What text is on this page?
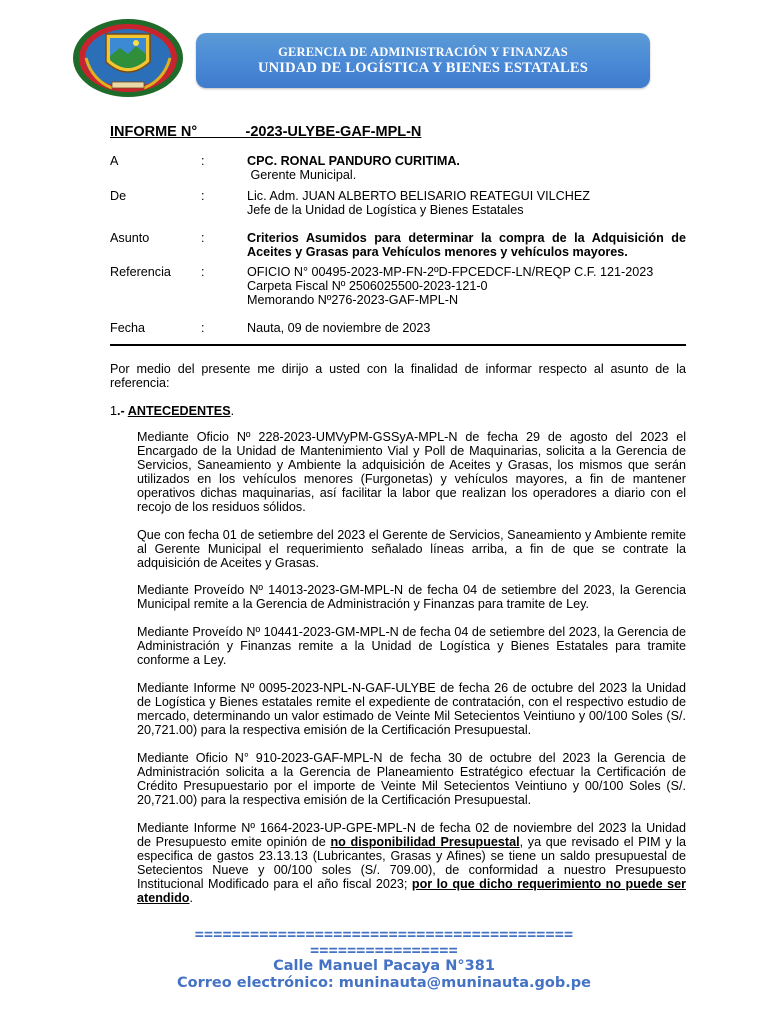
GERENCIA DE ADMINISTRACIÓN Y FINANZAS
UNIDAD DE LOGÍSTICA Y BIENES ESTATALES
INFORME N°            -2023-ULYBE-GAF-MPL-N
A	:	CPC. RONAL PANDURO CURITIMA.
Gerente Municipal.
De	:	Lic. Adm. JUAN ALBERTO BELISARIO REATEGUI VILCHEZ
Jefe de la Unidad de Logística y Bienes Estatales
Asunto	:	Criterios Asumidos para determinar la compra de la Adquisición de Aceites y Grasas para Vehículos menores y vehículos mayores.
Referencia :	OFICIO N° 00495-2023-MP-FN-2ºD-FPCEDCF-LN/REQP C.F. 121-2023
Carpeta Fiscal Nº 2506025500-2023-121-0
Memorando Nº276-2023-GAF-MPL-N
Fecha	:	Nauta, 09 de noviembre de 2023
Por medio del presente me dirijo a usted con la finalidad de informar respecto al asunto de la referencia:
1.- ANTECEDENTES.
Mediante Oficio Nº 228-2023-UMVyPM-GSSyA-MPL-N de fecha 29 de agosto del 2023 el Encargado de la Unidad de Mantenimiento Vial y Poll de Maquinarias, solicita a la Gerencia de Servicios, Saneamiento y Ambiente la adquisición de Aceites y Grasas, los mismos que serán utilizados en los vehículos menores (Furgonetas) y vehículos mayores, a fin de mantener operativos dichas maquinarias, así facilitar la labor que realizan los operadores a diario con el recojo de los residuos sólidos.
Que con fecha 01 de setiembre del 2023 el Gerente de Servicios, Saneamiento y Ambiente remite al Gerente Municipal el requerimiento señalado líneas arriba, a fin de que se contrate la adquisición de Aceites y Grasas.
Mediante Proveído Nº 14013-2023-GM-MPL-N de fecha 04 de setiembre del 2023, la Gerencia Municipal remite a la Gerencia de Administración y Finanzas para tramite de Ley.
Mediante Proveído Nº 10441-2023-GM-MPL-N de fecha 04 de setiembre del 2023, la Gerencia de Administración y Finanzas remite a la Unidad de Logística y Bienes Estatales para tramite conforme a Ley.
Mediante Informe Nº 0095-2023-NPL-N-GAF-ULYBE de fecha 26 de octubre del 2023 la Unidad de Logística y Bienes estatales remite el expediente de contratación, con el respectivo estudio de mercado, determinando un valor estimado de Veinte Mil Setecientos Veintiuno y 00/100 Soles (S/. 20,721.00) para la respectiva emisión de la Certificación Presupuestal.
Mediante Oficio N° 910-2023-GAF-MPL-N de fecha 30 de octubre del 2023 la Gerencia de Administración solicita a la Gerencia de Planeamiento Estratégico efectuar la Certificación de Crédito Presupuestario por el importe de Veinte Mil Setecientos Veintiuno y 00/100 Soles (S/. 20,721.00) para la respectiva emisión de la Certificación Presupuestal.
Mediante Informe Nº 1664-2023-UP-GPE-MPL-N de fecha 02 de noviembre del 2023 la Unidad de Presupuesto emite opinión de no disponibilidad Presupuestal, ya que revisado el PIM y la especifica de gastos 23.13.13 (Lubricantes, Grasas y Afines) se tiene un saldo presupuestal de Setecientos Nueve y 00/100 soles (S/. 709.00), de conformidad a nuestro Presupuesto Institucional Modificado para el año fiscal 2023; por lo que dicho requerimiento no puede ser atendido.
=========================================
================
Calle Manuel Pacaya N°381
Correo electrónico: muninauta@muninauta.gob.pe
